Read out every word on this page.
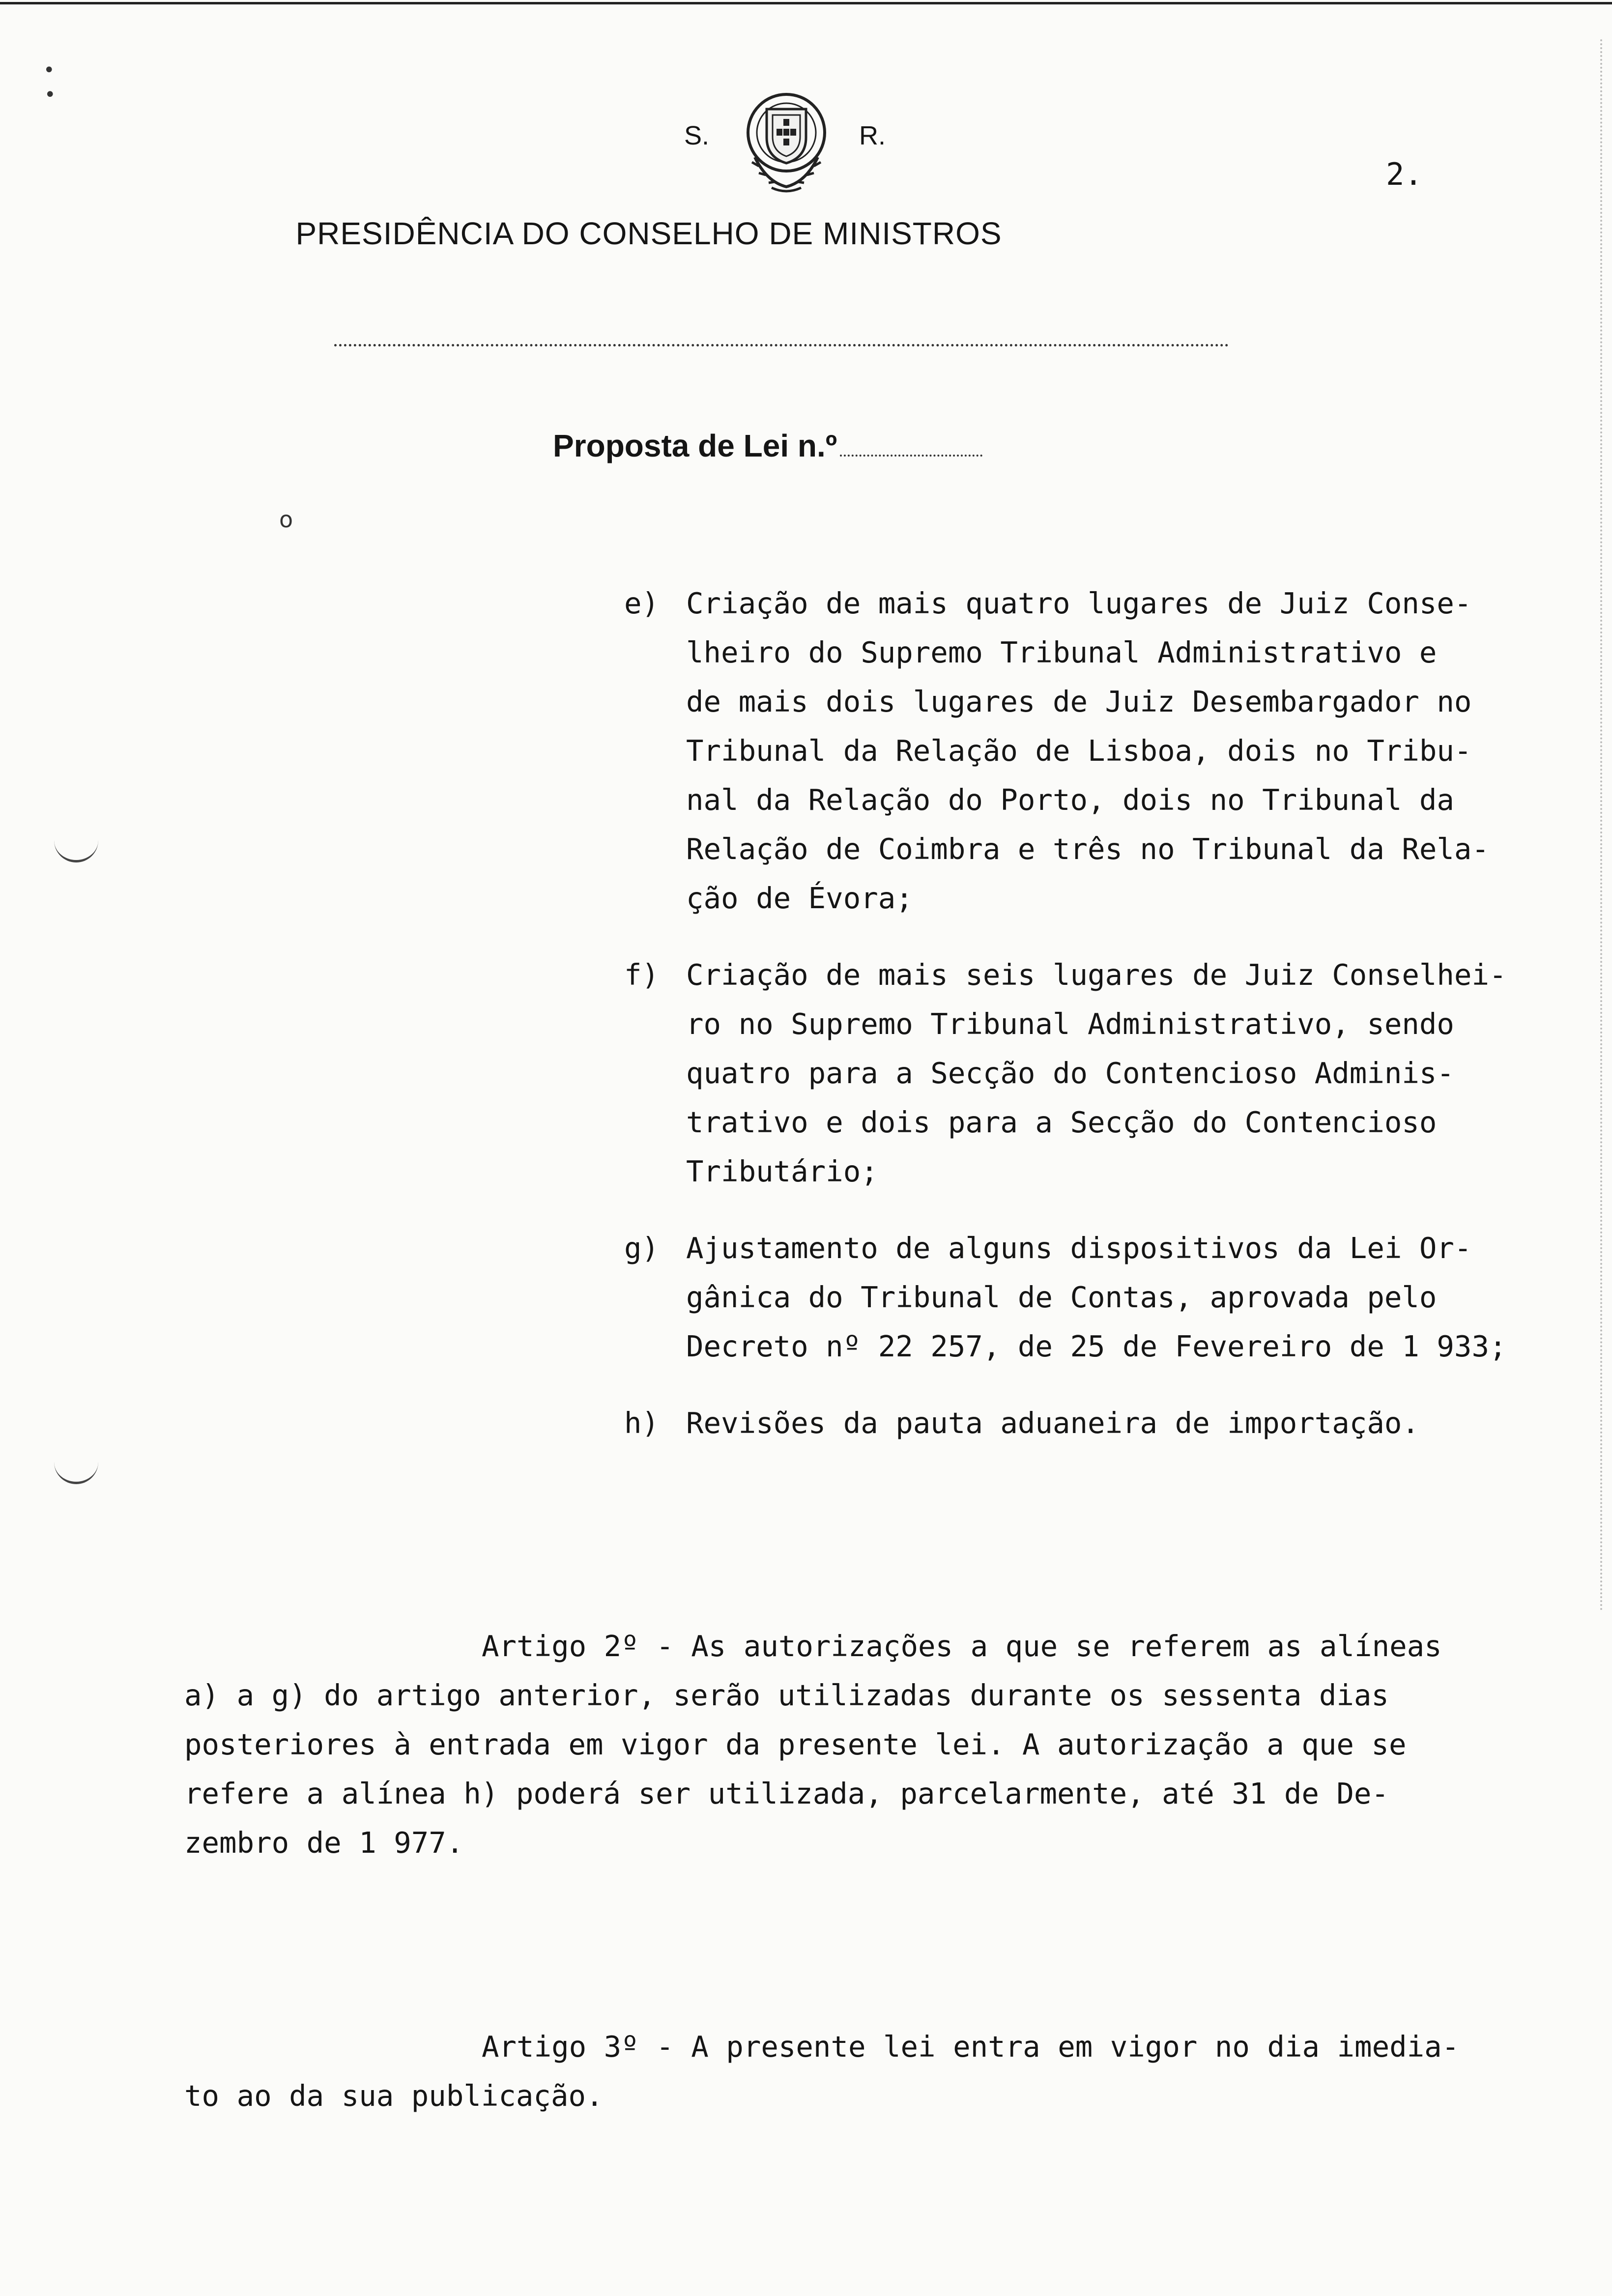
•
•
o
S.	R.
2.
PRESIDÊNCIA DO CONSELHO DE MINISTROS
Proposta de Lei n.º
e) Criação de mais quatro lugares de Juiz Conse-
lheiro do Supremo Tribunal Administrativo e
de mais dois lugares de Juiz Desembargador no
Tribunal da Relação de Lisboa, dois no Tribu-
nal da Relação do Porto, dois no Tribunal da
Relação de Coimbra e três no Tribunal da Rela-
ção de Évora;
f) Criação de mais seis lugares de Juiz Conselhei-
ro no Supremo Tribunal Administrativo, sendo
quatro para a Secção do Contencioso Adminis-
trativo e dois para a Secção do Contencioso
Tributário;
g) Ajustamento de alguns dispositivos da Lei Or-
gânica do Tribunal de Contas, aprovada pelo
Decreto nº 22 257, de 25 de Fevereiro de 1 933;
h) Revisões da pauta aduaneira de importação.
Artigo 2º - As autorizações a que se referem as alíneas
a) a g) do artigo anterior, serão utilizadas durante os sessenta dias
posteriores à entrada em vigor da presente lei. A autorização a que se
refere a alínea h) poderá ser utilizada, parcelarmente, até 31 de De-
zembro de 1 977.
Artigo 3º - A presente lei entra em vigor no dia imedia-
to ao da sua publicação.
